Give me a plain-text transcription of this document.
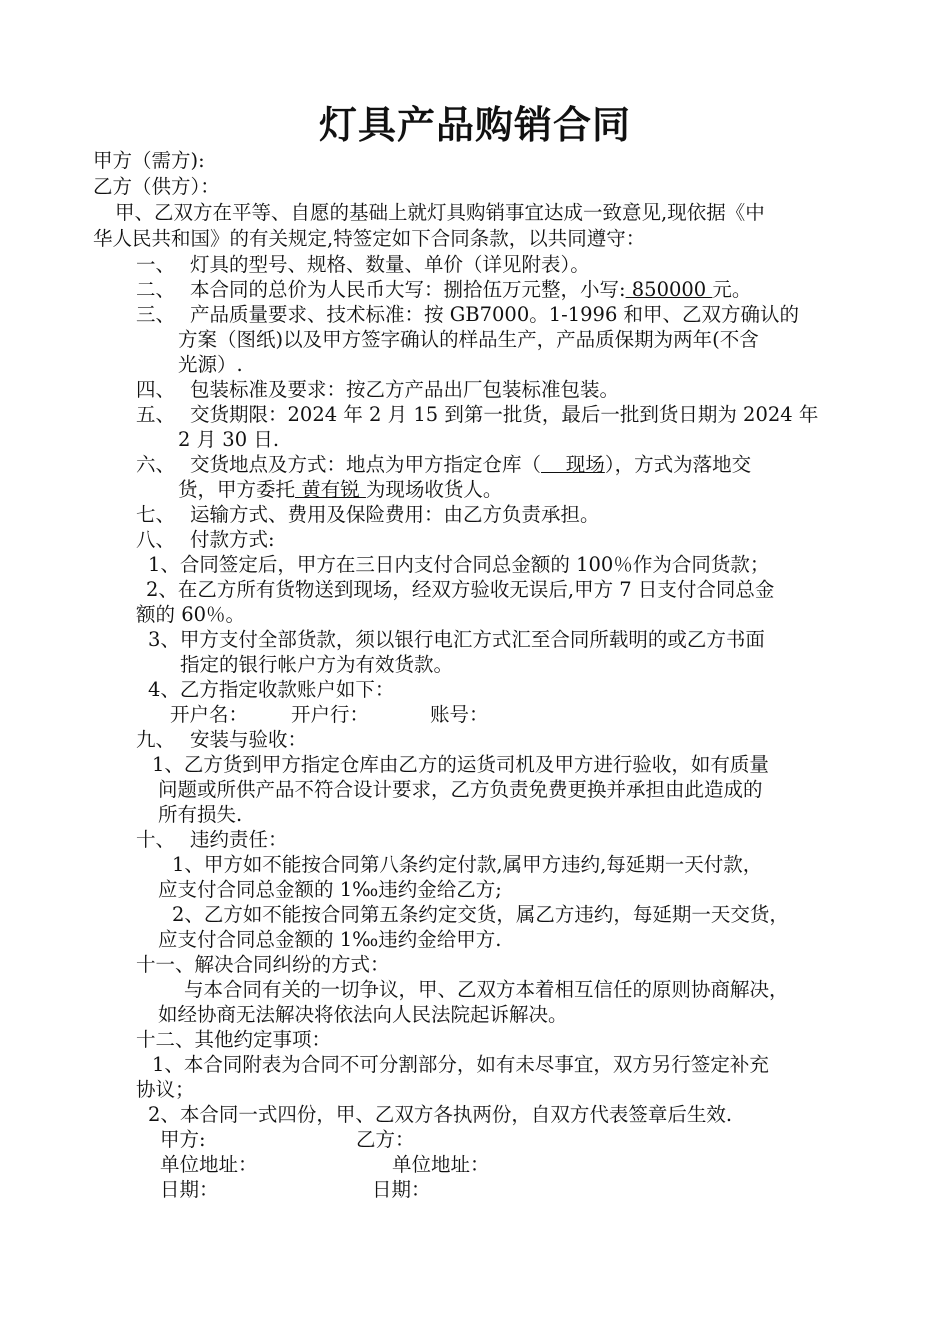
灯具产品购销合同
甲方（需方):
乙方（供方）：
甲、乙双方在平等、自愿的基础上就灯具购销事宜达成一致意见,现依据《中
华人民共和国》的有关规定,特签定如下合同条款，以共同遵守：
一、 灯具的型号、规格、数量、单价（详见附表）。
二、 本合同的总价为人民币大写：捌拾伍万元整，小写: 850000 元。
三、 产品质量要求、技术标准：按 GB7000。1-1996 和甲、乙双方确认的
方案（图纸)以及甲方签字确认的样品生产，产品质保期为两年(不含
光源）.
四、 包装标准及要求：按乙方产品出厂包装标准包装。
五、 交货期限：2024 年 2 月 15 到第一批货，最后一批到货日期为 2024 年
2 月 30 日.
六、 交货地点及方式：地点为甲方指定仓库（    现场），方式为落地交
货，甲方委托 黄有锐 为现场收货人。
七、 运输方式、费用及保险费用：由乙方负责承担。
八、 付款方式:
1、合同签定后，甲方在三日内支付合同总金额的 100％作为合同货款；
2、在乙方所有货物送到现场，经双方验收无误后,甲方 7 日支付合同总金
额的 60％。
3、甲方支付全部货款，须以银行电汇方式汇至合同所载明的或乙方书面
指定的银行帐户方为有效货款。
4、乙方指定收款账户如下：
开户名： 开户行：	账号：
九、 安装与验收：
1、乙方货到甲方指定仓库由乙方的运货司机及甲方进行验收，如有质量
问题或所供产品不符合设计要求，乙方负责免费更换并承担由此造成的
所有损失.
十、 违约责任：
1、甲方如不能按合同第八条约定付款,属甲方违约,每延期一天付款，
应支付合同总金额的 1‰违约金给乙方;
2、乙方如不能按合同第五条约定交货，属乙方违约，每延期一天交货，
应支付合同总金额的 1‰违约金给甲方.
十一、解决合同纠纷的方式：
与本合同有关的一切争议，甲、乙双方本着相互信任的原则协商解决，
如经协商无法解决将依法向人民法院起诉解决。
十二、其他约定事项：
1、本合同附表为合同不可分割部分，如有未尽事宜，双方另行签定补充
协议；
2、本合同一式四份，甲、乙双方各执两份，自双方代表签章后生效.
甲方:	乙方：
单位地址：	单位地址：
日期：	日期：
